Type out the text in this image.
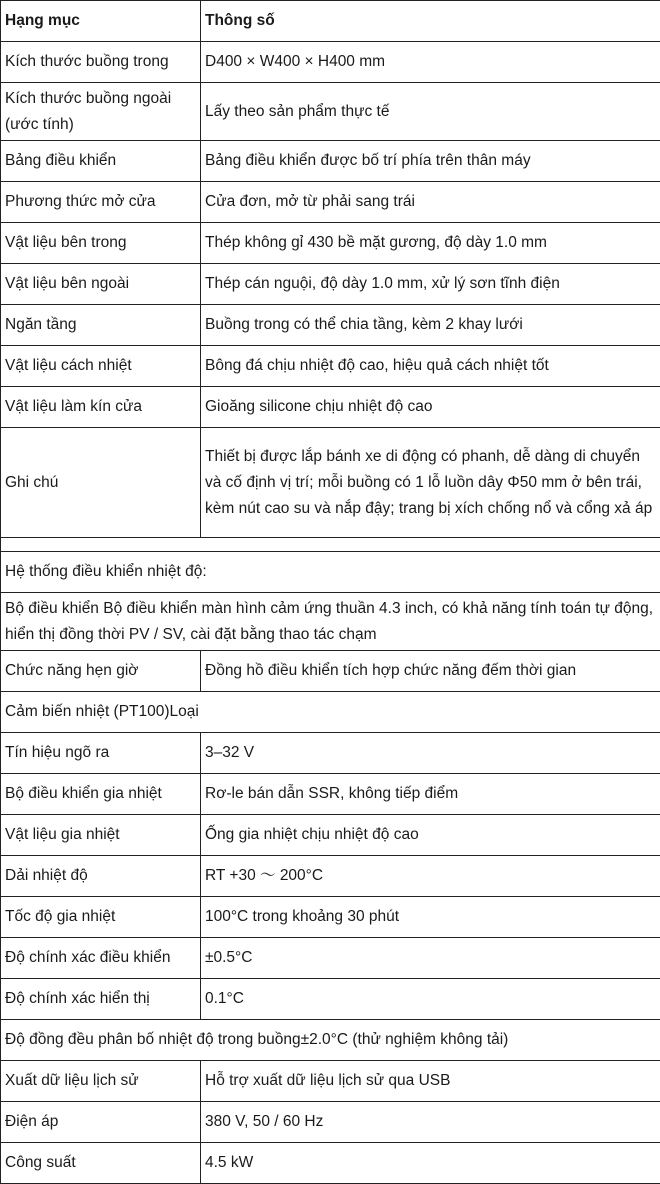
Hạng mục	Thông số
Kích thước buồng trong	D400 × W400 × H400 mm
Kích thước buồng ngoài (ước tính)	Lấy theo sản phẩm thực tế
Bảng điều khiển	Bảng điều khiển được bố trí phía trên thân máy
Phương thức mở cửa	Cửa đơn, mở từ phải sang trái
Vật liệu bên trong	Thép không gỉ 430 bề mặt gương, độ dày 1.0 mm
Vật liệu bên ngoài	Thép cán nguội, độ dày 1.0 mm, xử lý sơn tĩnh điện
Ngăn tầng	Buồng trong có thể chia tầng, kèm 2 khay lưới
Vật liệu cách nhiệt	Bông đá chịu nhiệt độ cao, hiệu quả cách nhiệt tốt
Vật liệu làm kín cửa	Gioăng silicone chịu nhiệt độ cao
Ghi chú	Thiết bị được lắp bánh xe di động có phanh, dễ dàng di chuyển và cố định vị trí; mỗi buồng có 1 lỗ luồn dây Φ50 mm ở bên trái, kèm nút cao su và nắp đậy; trang bị xích chống nổ và cổng xả áp

Hệ thống điều khiển nhiệt độ:	
Bộ điều khiển Bộ điều khiển màn hình cảm ứng thuần 4.3 inch, có khả năng tính toán tự động, hiển thị đồng thời PV / SV, cài đặt bằng thao tác chạm	
Chức năng hẹn giờ	Đồng hồ điều khiển tích hợp chức năng đếm thời gian
Cảm biến nhiệt (PT100)Loại	
Tín hiệu ngõ ra	3–32 V
Bộ điều khiển gia nhiệt	Rơ-le bán dẫn SSR, không tiếp điểm
Vật liệu gia nhiệt	Ống gia nhiệt chịu nhiệt độ cao
Dải nhiệt độ	RT +30 〜 200°C
Tốc độ gia nhiệt	100°C trong khoảng 30 phút
Độ chính xác điều khiển	±0.5°C
Độ chính xác hiển thị	0.1°C
Độ đồng đều phân bố nhiệt độ trong buồng±2.0°C (thử nghiệm không tải)	
Xuất dữ liệu lịch sử	Hỗ trợ xuất dữ liệu lịch sử qua USB
Điện áp	380 V, 50 / 60 Hz
Công suất	4.5 kW
